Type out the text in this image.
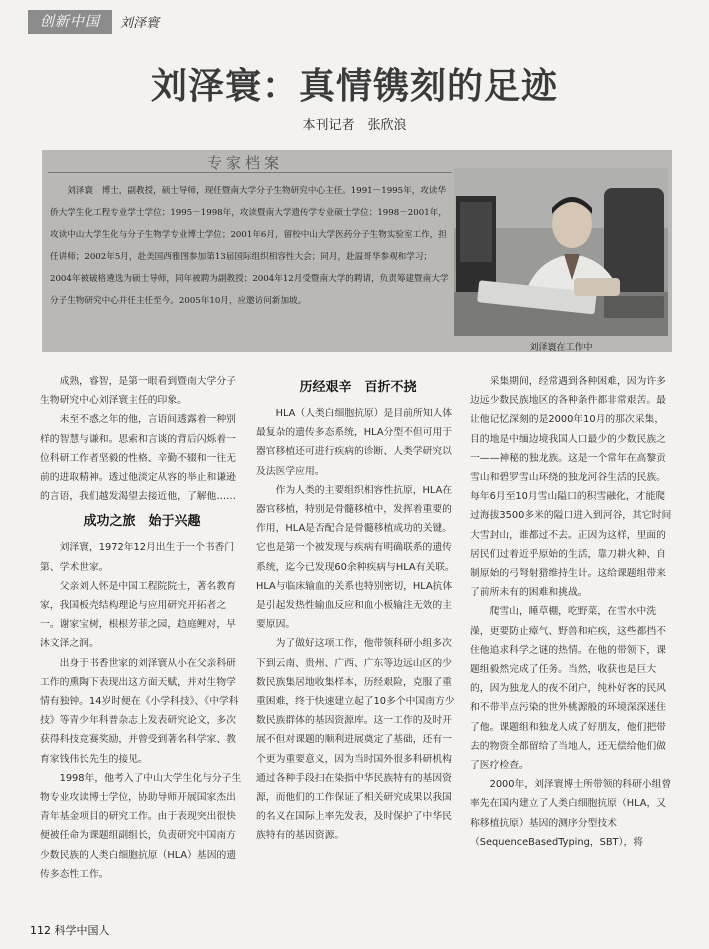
创新中国	刘泽寰
刘泽寰：真情镌刻的足迹
本刊记者　张欣浪
专家档案

刘泽寰　博士，副教授，硕士导师，现任暨南大学分子生物研究中心主任。1991－1995年，攻读华侨大学生化工程专业学士学位；1995－1998年，攻读暨南大学遗传学专业硕士学位；1998－2001年，攻读中山大学生化与分子生物学专业博士学位；2001年6月，留校中山大学医药分子生物实验室工作，担任讲师；2002年5月，赴美国西雅图参加第13届国际组织相容性大会；同月，赴温哥华参观和学习；2004年被破格遴选为硕士导师，同年被聘为副教授；2004年12月受暨南大学的聘请，负责筹建暨南大学分子生物研究中心并任主任至今。2005年10月，应邀访问新加坡。

刘泽寰在工作中

成熟，睿智，是第一眼看到暨南大学分子生物研究中心刘泽寰主任的印象。

未至不惑之年的他，言语间透露着一种别样的智慧与谦和。思索和言谈的背后闪烁着一位科研工作者坚毅的性格、辛勤不辍和一往无前的进取精神。透过他淡定从容的举止和谦逊的言语，我们越发渴望去接近他，了解他……

成功之旅　始于兴趣

刘泽寰，1972年12月出生于一个书香门第、学术世家。

父亲刘人怀是中国工程院院士，著名教育家，我国板壳结构理论与应用研究开拓者之一。谢家宝树，根根芳菲之园，趋庭鲤对，早沐文泽之润。

出身于书香世家的刘泽寰从小在父亲科研工作的熏陶下表现出这方面天赋，并对生物学情有独钟。14岁时便在《小学科技》、《中学科技》等青少年科普杂志上发表研究论文，多次获得科技竞赛奖励，并曾受到著名科学家、教育家钱伟长先生的接见。

1998年，他考入了中山大学生化与分子生物专业攻读博士学位，协助导师开展国家杰出青年基金项目的研究工作。由于表现突出很快便被任命为课题组副组长，负责研究中国南方少数民族的人类白细胞抗原（HLA）基因的遗传多态性工作。

历经艰辛　百折不挠

HLA（人类白细胞抗原）是目前所知人体最复杂的遗传多态系统，HLA分型不但可用于器官移植还可进行疾病的诊断、人类学研究以及法医学应用。

作为人类的主要组织相容性抗原，HLA在器官移植，特别是骨髓移植中，发挥着重要的作用，HLA是否配合是骨髓移植成功的关键。它也是第一个被发现与疾病有明确联系的遗传系统，迄今已发现60余种疾病与HLA有关联。HLA与临床输血的关系也特别密切，HLA抗体是引起发热性输血反应和血小板输注无效的主要原因。

为了做好这项工作，他带领科研小组多次下到云南、贵州、广西、广东等边远山区的少数民族集居地收集样本，历经艰险，克服了重重困难，终于快速建立起了10多个中国南方少数民族群体的基因资源库。这一工作的及时开展不但对课题的顺利进展奠定了基础，还有一个更为重要意义，因为当时国外很多科研机构通过各种手段扫在染指中华民族特有的基因资源，而他们的工作保证了相关研究成果以我国的名义在国际上率先发表，及时保护了中华民族特有的基因资源。

采集期间，经常遇到各种困难，因为许多边远少数民族地区的各种条件都非常艰苦。最让他记忆深刻的是2000年10月的那次采集，目的地是中缅边境我国人口最少的少数民族之一——神秘的独龙族。这是一个常年在高黎贡雪山和碧罗雪山环绕的独龙河谷生活的民族。每年6月至10月雪山隘口的积雪融化，才能爬过海拔3500多米的隘口进入到河谷，其它时间大雪封山，谁都过不去。正因为这样，里面的居民们过着近乎原始的生活，靠刀耕火种、自制原始的弓弩射猎维持生计。这给课题组带来了前所未有的困难和挑战。

爬雪山，睡草棚，吃野菜，在雪水中洗澡，更要防止瘴气、野兽和疟疾，这些都挡不住他追求科学之谜的热情。在他的带领下，课题组毅然完成了任务。当然，收获也是巨大的，因为独龙人的夜不闭户，纯朴好客的民风和不带半点污染的世外桃源般的环境深深迷住了他。课题组和独龙人成了好朋友，他们把带去的物资全都留给了当地人，还无偿给他们做了医疗检查。

2000年，刘泽寰博士所带领的科研小组曾率先在国内建立了人类白细胞抗原（HLA，又称移植抗原）基因的测序分型技术（SequenceBasedTyping，SBT），将

112 科学中国人
